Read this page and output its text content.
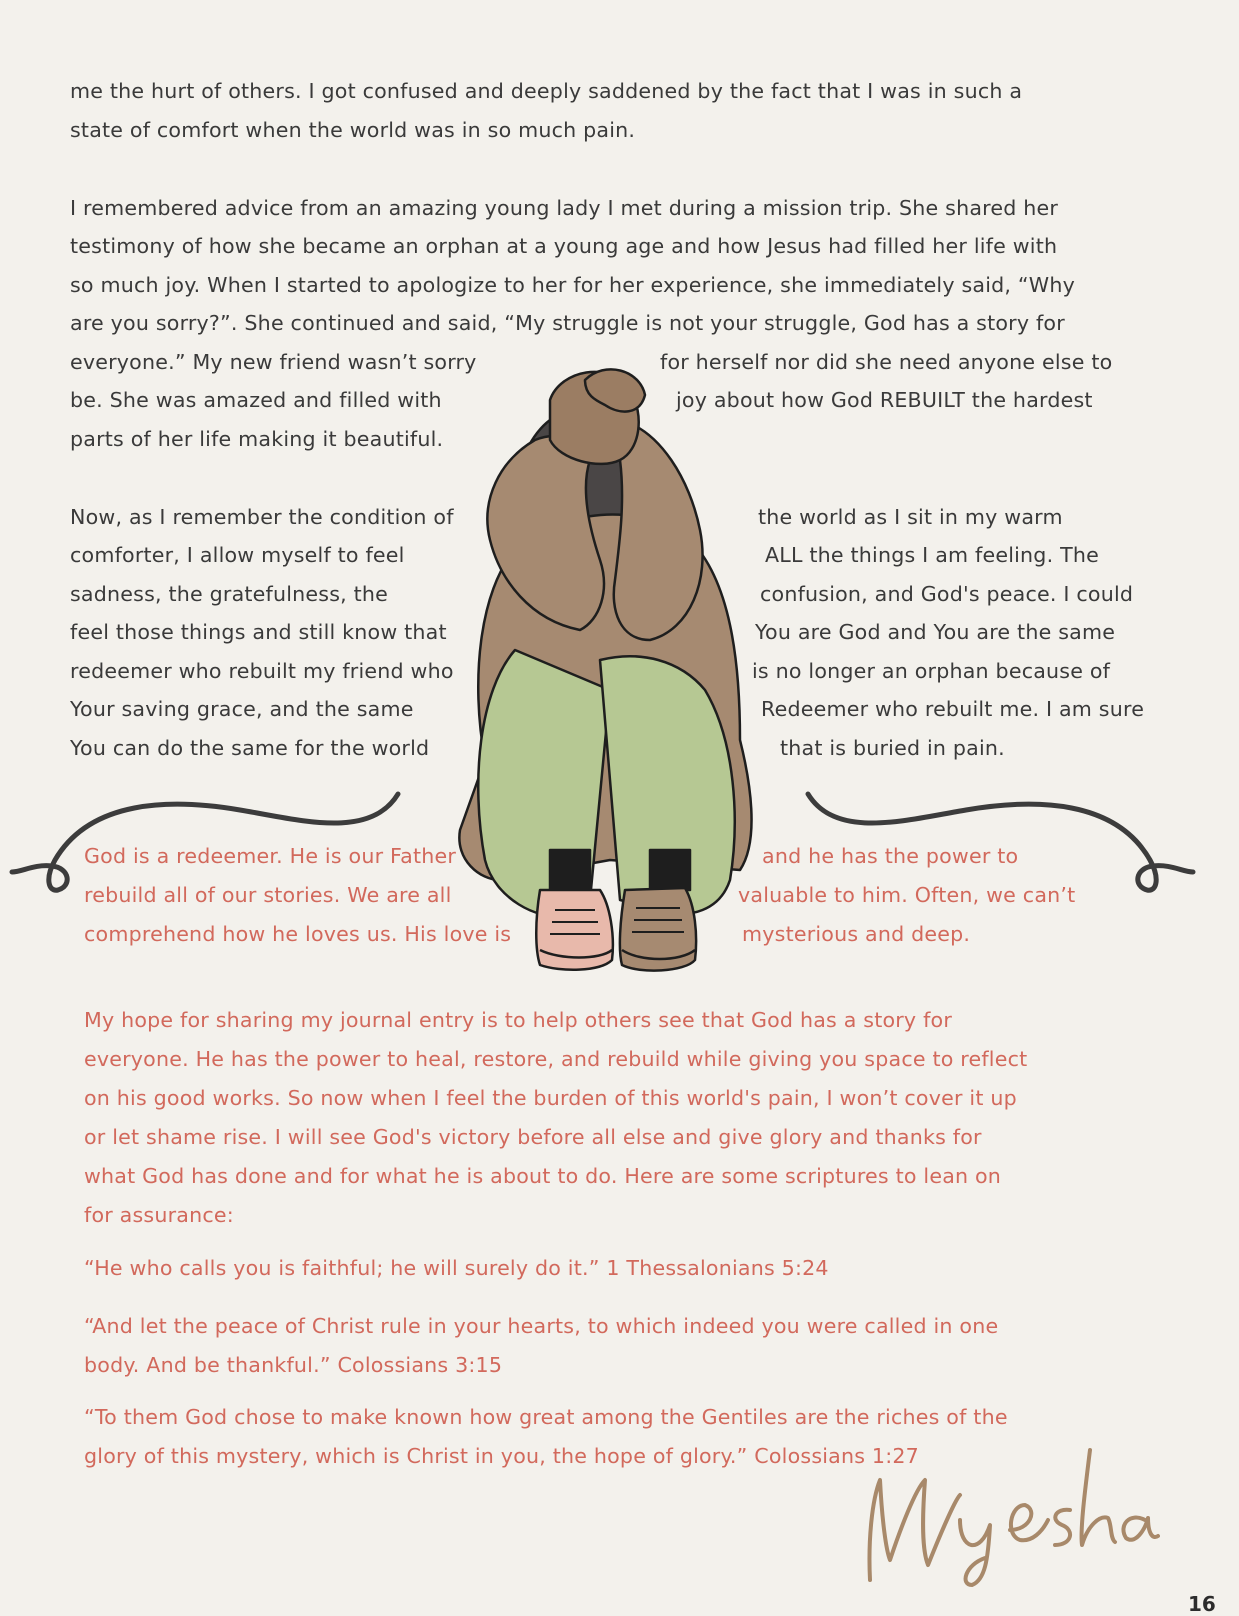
me the hurt of others. I got confused and deeply saddened by the fact that I was in such a
state of comfort when the world was in so much pain.
I remembered advice from an amazing young lady I met during a mission trip. She shared her
testimony of how she became an orphan at a young age and how Jesus had filled her life with
so much joy. When I started to apologize to her for her experience, she immediately said, “Why
are you sorry?”. She continued and said, “My struggle is not your struggle, God has a story for
everyone.” My new friend wasn’t sorry	for herself nor did she need anyone else to
be. She was amazed and filled with	joy about how God REBUILT the hardest
parts of her life making it beautiful.
Now, as I remember the condition of	the world as I sit in my warm
comforter, I allow myself to feel	ALL the things I am feeling. The
sadness, the gratefulness, the	confusion, and God's peace. I could
feel those things and still know that	You are God and You are the same
redeemer who rebuilt my friend who	is no longer an orphan because of
Your saving grace, and the same	Redeemer who rebuilt me. I am sure
You can do the same for the world	that is buried in pain.
God is a redeemer. He is our Father	and he has the power to
rebuild all of our stories. We are all	valuable to him. Often, we can’t
comprehend how he loves us. His love is	mysterious and deep.
My hope for sharing my journal entry is to help others see that God has a story for
everyone. He has the power to heal, restore, and rebuild while giving you space to reflect
on his good works. So now when I feel the burden of this world's pain, I won’t cover it up
or let shame rise. I will see God's victory before all else and give glory and thanks for
what God has done and for what he is about to do. Here are some scriptures to lean on
for assurance:
“He who calls you is faithful; he will surely do it.” 1 Thessalonians 5:24
“And let the peace of Christ rule in your hearts, to which indeed you were called in one
body. And be thankful.” Colossians 3:15
“To them God chose to make known how great among the Gentiles are the riches of the
glory of this mystery, which is Christ in you, the hope of glory.” Colossians 1:27
16
